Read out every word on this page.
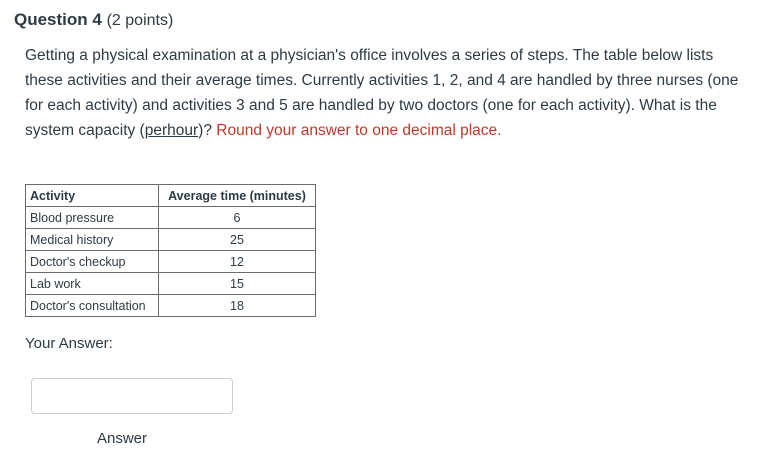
Question 4 (2 points)
Getting a physical examination at a physician's office involves a series of steps. The table below lists these activities and their average times. Currently activities 1, 2, and 4 are handled by three nurses (one for each activity) and activities 3 and 5 are handled by two doctors (one for each activity). What is the system capacity (perhour)? Round your answer to one decimal place.
Activity	Average time (minutes)
Blood pressure	6
Medical history	25
Doctor's checkup	12
Lab work	15
Doctor's consultation	18
Your Answer:
Answer
